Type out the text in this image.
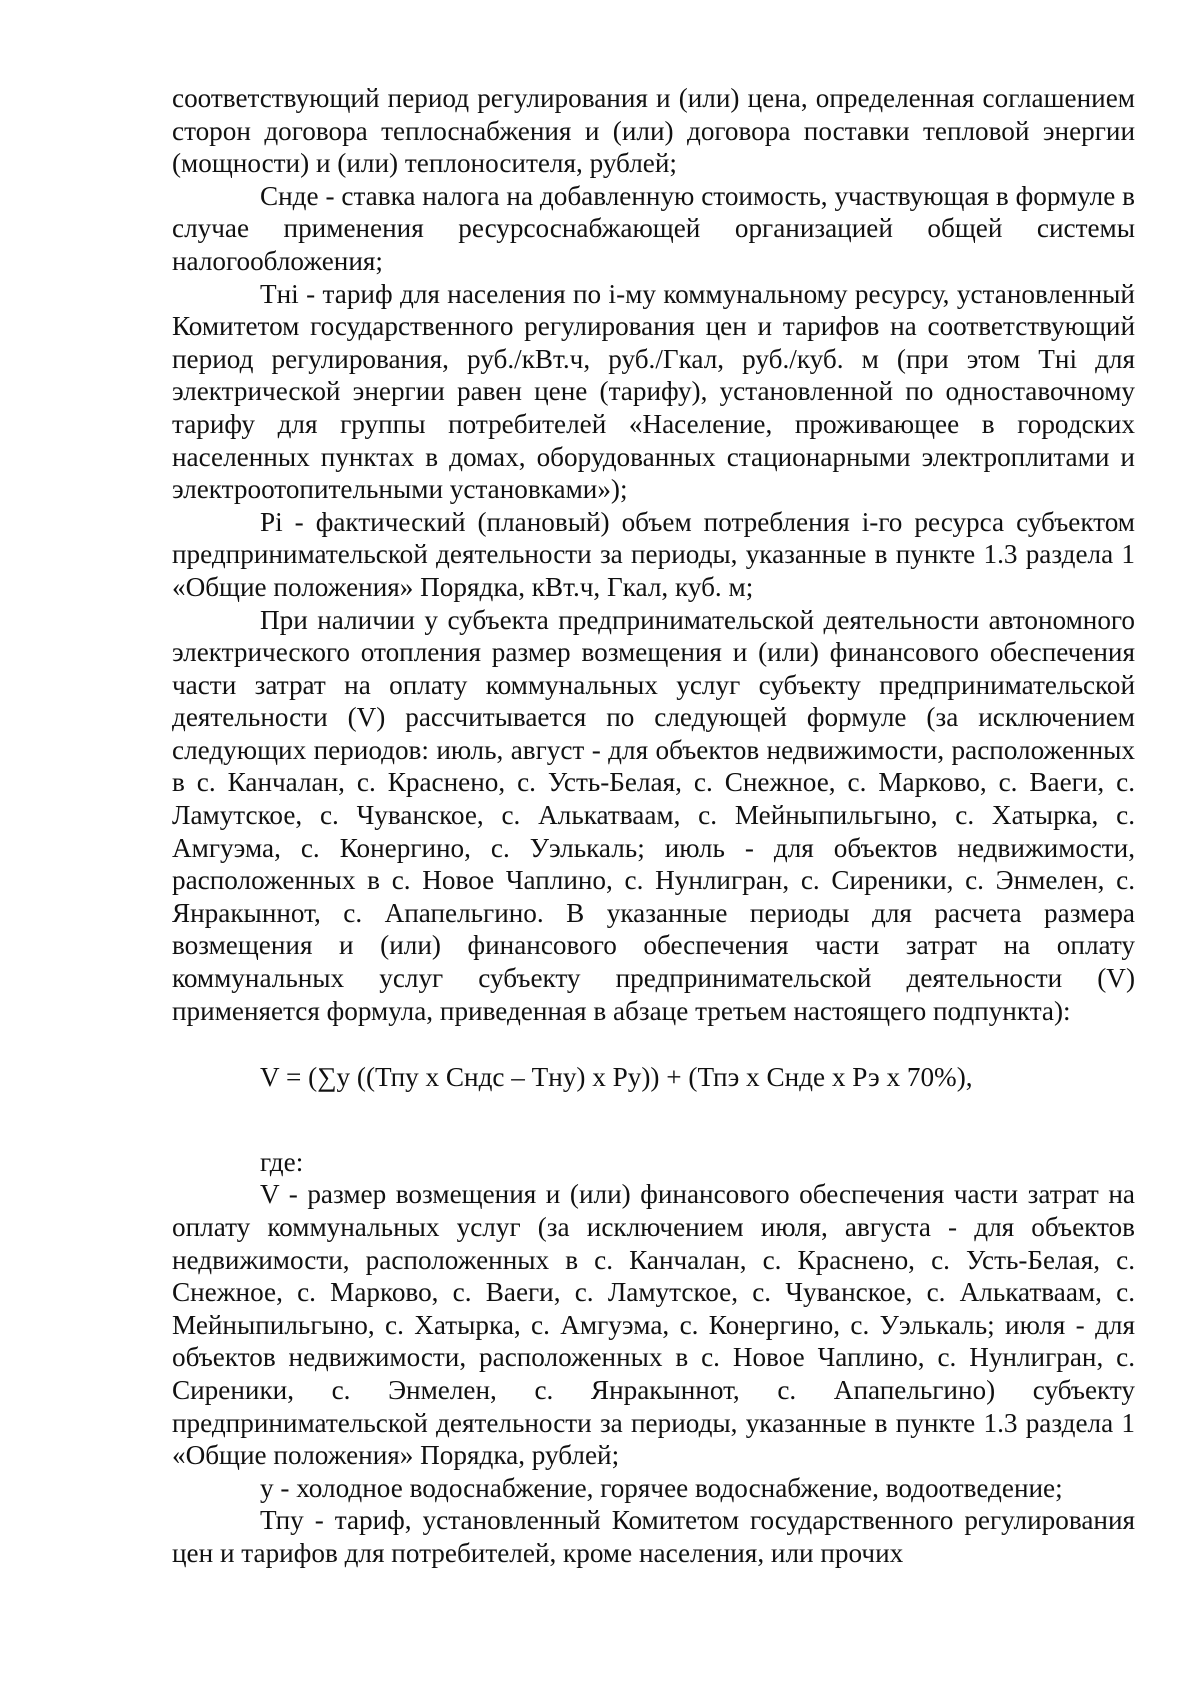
соответствующий период регулирования и (или) цена, определенная соглашением сторон договора теплоснабжения и (или) договора поставки тепловой энергии (мощности) и (или) теплоносителя, рублей;

Снде - ставка налога на добавленную стоимость, участвующая в формуле в случае применения ресурсоснабжающей организацией общей системы налогообложения;

Тні - тариф для населения по і-му коммунальному ресурсу, установленный Комитетом государственного регулирования цен и тарифов на соответствующий период регулирования, руб./кВт.ч, руб./Гкал, руб./куб. м (при этом Тні для электрической энергии равен цене (тарифу), установленной по одноставочному тарифу для группы потребителей «Население, проживающее в городских населенных пунктах в домах, оборудованных стационарными электроплитами и электроотопительными установками»);

Pi - фактический (плановый) объем потребления і-го ресурса субъектом предпринимательской деятельности за периоды, указанные в пункте 1.3 раздела 1 «Общие положения» Порядка, кВт.ч, Гкал, куб. м;

При наличии у субъекта предпринимательской деятельности автономного электрического отопления размер возмещения и (или) финансового обеспечения части затрат на оплату коммунальных услуг субъекту предпринимательской деятельности (V) рассчитывается по следующей формуле (за исключением следующих периодов: июль, август - для объектов недвижимости, расположенных в с. Канчалан, с. Краснено, с. Усть-Белая, с. Снежное, с. Марково, с. Ваеги, с. Ламутское, с. Чуванское, с. Алькатваам, с. Мейныпильгыно, с. Хатырка, с. Амгуэма, с. Конергино, с. Уэлькаль; июль - для объектов недвижимости, расположенных в с. Новое Чаплино, с. Нунлигран, с. Сиреники, с. Энмелен, с. Янракыннот, с. Апапельгино. В указанные периоды для расчета размера возмещения и (или) финансового обеспечения части затрат на оплату коммунальных услуг субъекту предпринимательской деятельности (V) применяется формула, приведенная в абзаце третьем настоящего подпункта):

V = (∑у ((Тпу х Cндс – Тну) х Ру)) + (Тпэ х Снде х Рэ х 70%),

где:

V - размер возмещения и (или) финансового обеспечения части затрат на оплату коммунальных услуг (за исключением июля, августа - для объектов недвижимости, расположенных в с. Канчалан, с. Краснено, с. Усть-Белая, с. Снежное, с. Марково, с. Ваеги, с. Ламутское, с. Чуванское, с. Алькатваам, с. Мейныпильгыно, с. Хатырка, с. Амгуэма, с. Конергино, с. Уэлькаль; июля - для объектов недвижимости, расположенных в с. Новое Чаплино, с. Нунлигран, с. Сиреники, с. Энмелен, с. Янракыннот, с. Апапельгино) субъекту предпринимательской деятельности за периоды, указанные в пункте 1.3 раздела 1 «Общие положения» Порядка, рублей;

у - холодное водоснабжение, горячее водоснабжение, водоотведение;

Тпу - тариф, установленный Комитетом государственного регулирования цен и тарифов для потребителей, кроме населения, или прочих
